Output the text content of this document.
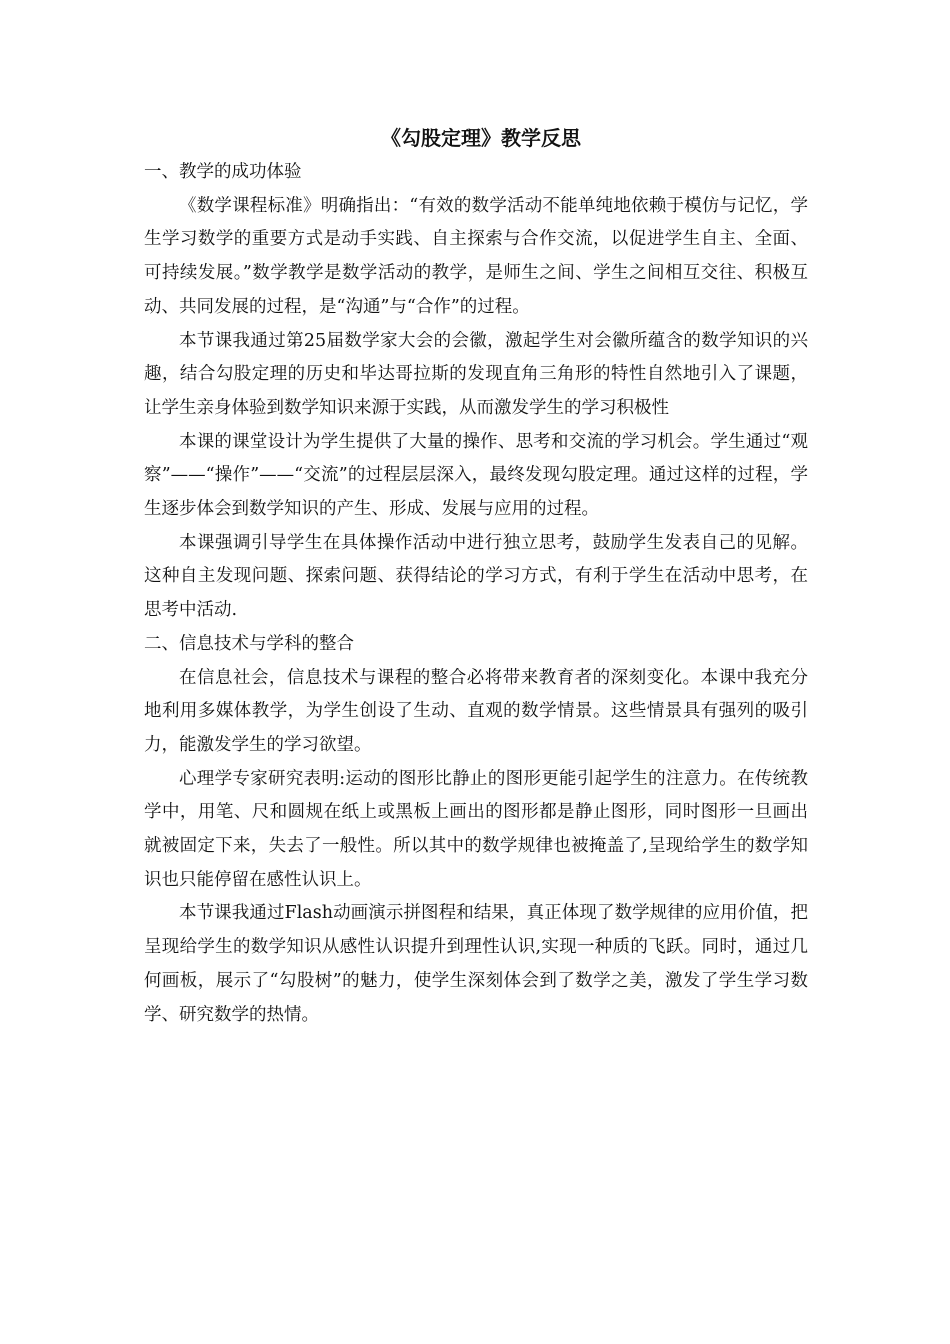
《勾股定理》教学反思

一、教学的成功体验

《数学课程标准》明确指出：“有效的数学活动不能单纯地依赖于模仿与记忆，学生学习数学的重要方式是动手实践、自主探索与合作交流，以促进学生自主、全面、可持续发展。”数学教学是数学活动的教学，是师生之间、学生之间相互交往、积极互动、共同发展的过程，是“沟通”与“合作”的过程。

本节课我通过第25届数学家大会的会徽，激起学生对会徽所蕴含的数学知识的兴趣，结合勾股定理的历史和毕达哥拉斯的发现直角三角形的特性自然地引入了课题，让学生亲身体验到数学知识来源于实践，从而激发学生的学习积极性

本课的课堂设计为学生提供了大量的操作、思考和交流的学习机会。学生通过“观察”——“操作”——“交流”的过程层层深入，最终发现勾股定理。通过这样的过程，学生逐步体会到数学知识的产生、形成、发展与应用的过程。

本课强调引导学生在具体操作活动中进行独立思考，鼓励学生发表自己的见解。这种自主发现问题、探索问题、获得结论的学习方式，有利于学生在活动中思考，在思考中活动.

二、信息技术与学科的整合

在信息社会，信息技术与课程的整合必将带来教育者的深刻变化。本课中我充分地利用多媒体教学，为学生创设了生动、直观的数学情景。这些情景具有强列的吸引力，能激发学生的学习欲望。

心理学专家研究表明:运动的图形比静止的图形更能引起学生的注意力。在传统教学中，用笔、尺和圆规在纸上或黑板上画出的图形都是静止图形，同时图形一旦画出就被固定下来，失去了一般性。所以其中的数学规律也被掩盖了,呈现给学生的数学知识也只能停留在感性认识上。

本节课我通过Flash动画演示拼图程和结果，真正体现了数学规律的应用价值，把呈现给学生的数学知识从感性认识提升到理性认识,实现一种质的飞跃。同时，通过几何画板，展示了“勾股树”的魅力，使学生深刻体会到了数学之美，激发了学生学习数学、研究数学的热情。
